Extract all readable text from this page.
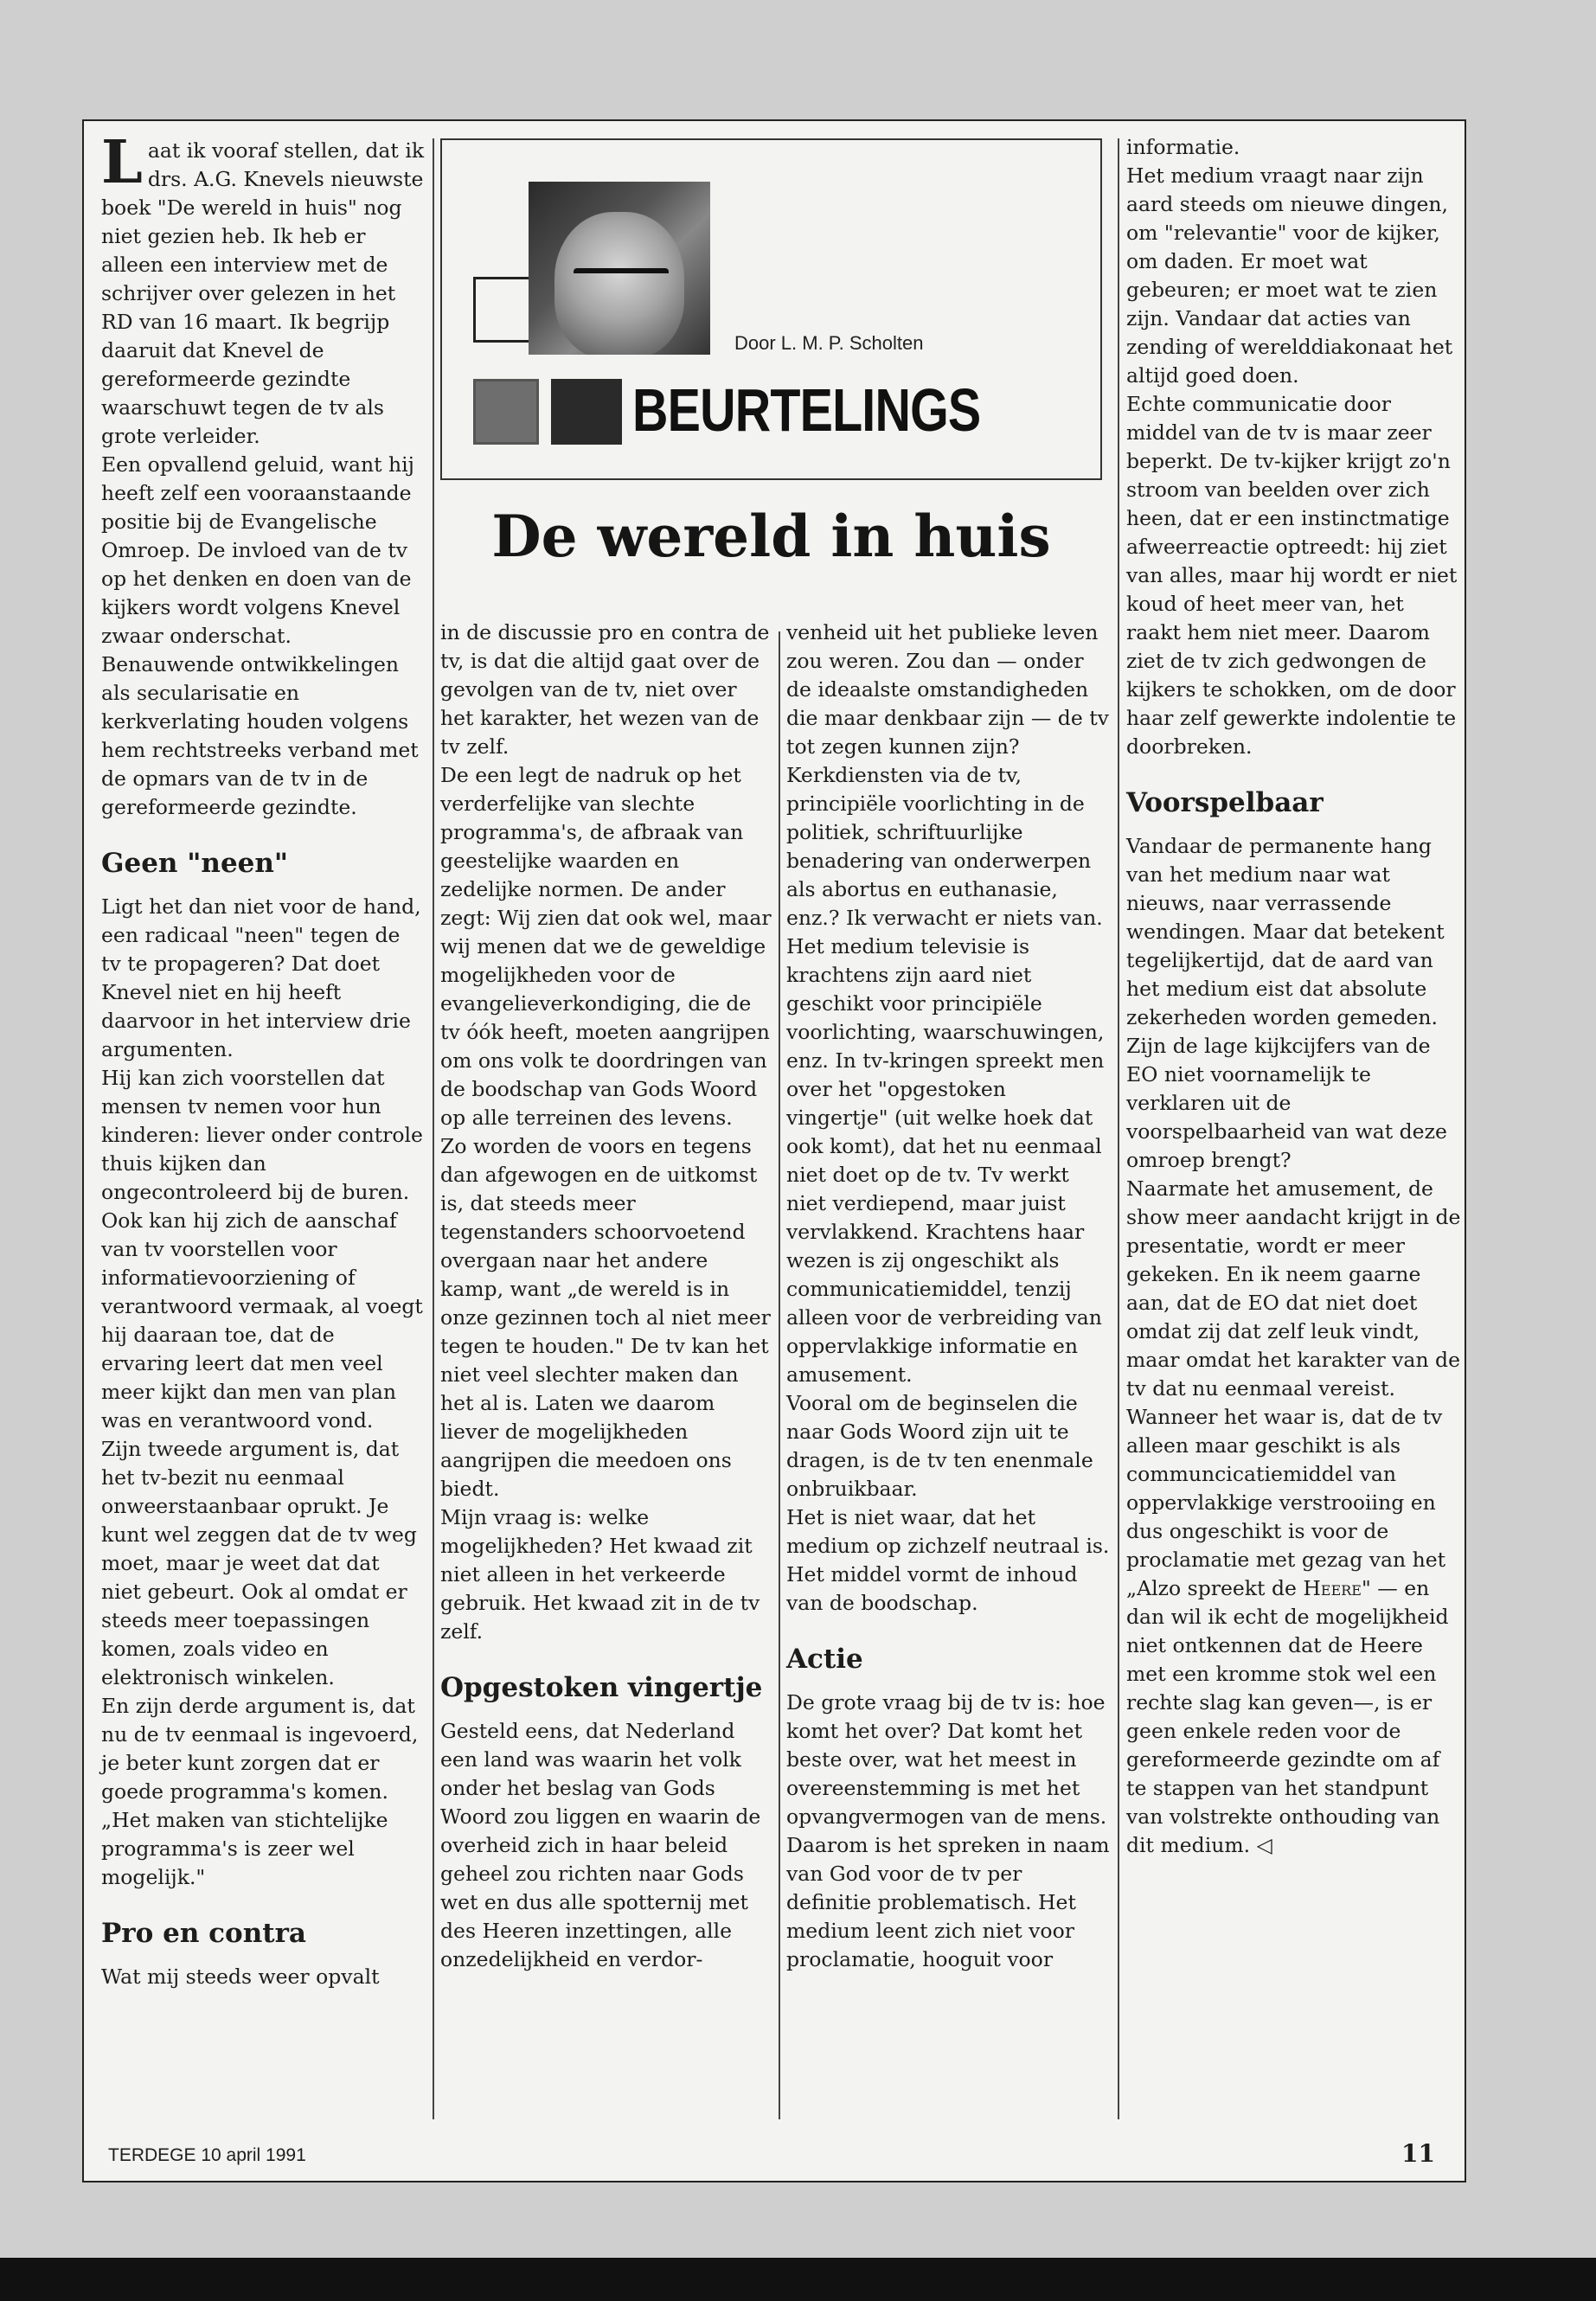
Laat ik vooraf stellen, dat ik drs. A.G. Knevels nieuwste boek "De wereld in huis" nog niet gezien heb. Ik heb er alleen een interview met de schrijver over gelezen in het RD van 16 maart. Ik begrijp daaruit dat Knevel de gereformeerde gezindte waarschuwt tegen de tv als grote verleider.

Een opvallend geluid, want hij heeft zelf een vooraanstaande positie bij de Evangelische Omroep. De invloed van de tv op het denken en doen van de kijkers wordt volgens Knevel zwaar onderschat. Benauwende ontwikkelingen als secularisatie en kerkverlating houden volgens hem rechtstreeks verband met de opmars van de tv in de gereformeerde gezindte.

Geen "neen"

Ligt het dan niet voor de hand, een radicaal "neen" tegen de tv te propageren? Dat doet Knevel niet en hij heeft daarvoor in het interview drie argumenten.

Hij kan zich voorstellen dat mensen tv nemen voor hun kinderen: liever onder controle thuis kijken dan ongecontroleerd bij de buren.

Ook kan hij zich de aanschaf van tv voorstellen voor informatievoorziening of verantwoord vermaak, al voegt hij daaraan toe, dat de ervaring leert dat men veel meer kijkt dan men van plan was en verantwoord vond.

Zijn tweede argument is, dat het tv-bezit nu eenmaal onweerstaanbaar oprukt. Je kunt wel zeggen dat de tv weg moet, maar je weet dat dat niet gebeurt. Ook al omdat er steeds meer toepassingen komen, zoals video en elektronisch winkelen.

En zijn derde argument is, dat nu de tv eenmaal is ingevoerd, je beter kunt zorgen dat er goede programma's komen. „Het maken van stichtelijke programma's is zeer wel mogelijk."

Pro en contra

Wat mij steeds weer opvalt

Door L. M. P. Scholten
BEURTELINGS
De wereld in huis

in de discussie pro en contra de tv, is dat die altijd gaat over de gevolgen van de tv, niet over het karakter, het wezen van de tv zelf.

De een legt de nadruk op het verderfelijke van slechte programma's, de afbraak van geestelijke waarden en zedelijke normen. De ander zegt: Wij zien dat ook wel, maar wij menen dat we de geweldige mogelijkheden voor de evangelieverkondiging, die de tv óók heeft, moeten aangrijpen om ons volk te doordringen van de boodschap van Gods Woord op alle terreinen des levens.

Zo worden de voors en tegens dan afgewogen en de uitkomst is, dat steeds meer tegenstanders schoorvoetend overgaan naar het andere kamp, want „de wereld is in onze gezinnen toch al niet meer tegen te houden." De tv kan het niet veel slechter maken dan het al is. Laten we daarom liever de mogelijkheden aangrijpen die meedoen ons biedt.

Mijn vraag is: welke mogelijkheden? Het kwaad zit niet alleen in het verkeerde gebruik. Het kwaad zit in de tv zelf.

Opgestoken vingertje

Gesteld eens, dat Nederland een land was waarin het volk onder het beslag van Gods Woord zou liggen en waarin de overheid zich in haar beleid geheel zou richten naar Gods wet en dus alle spotternij met des Heeren inzettingen, alle onzedelijkheid en verdor-

venheid uit het publieke leven zou weren. Zou dan — onder de ideaalste omstandigheden die maar denkbaar zijn — de tv tot zegen kunnen zijn? Kerkdiensten via de tv, principiële voorlichting in de politiek, schriftuurlijke benadering van onderwerpen als abortus en euthanasie, enz.? Ik verwacht er niets van.

Het medium televisie is krachtens zijn aard niet geschikt voor principiële voorlichting, waarschuwingen, enz. In tv-kringen spreekt men over het "opgestoken vingertje" (uit welke hoek dat ook komt), dat het nu eenmaal niet doet op de tv. Tv werkt niet verdiepend, maar juist vervlakkend. Krachtens haar wezen is zij ongeschikt als communicatiemiddel, tenzij alleen voor de verbreiding van oppervlakkige informatie en amusement.

Vooral om de beginselen die naar Gods Woord zijn uit te dragen, is de tv ten enenmale onbruikbaar.

Het is niet waar, dat het medium op zichzelf neutraal is. Het middel vormt de inhoud van de boodschap.

Actie

De grote vraag bij de tv is: hoe komt het over? Dat komt het beste over, wat het meest in overeenstemming is met het opvangvermogen van de mens. Daarom is het spreken in naam van God voor de tv per definitie problematisch. Het medium leent zich niet voor proclamatie, hooguit voor

informatie.

Het medium vraagt naar zijn aard steeds om nieuwe dingen, om "relevantie" voor de kijker, om daden. Er moet wat gebeuren; er moet wat te zien zijn. Vandaar dat acties van zending of werelddiakonaat het altijd goed doen.

Echte communicatie door middel van de tv is maar zeer beperkt. De tv-kijker krijgt zo'n stroom van beelden over zich heen, dat er een instinctmatige afweerreactie optreedt: hij ziet van alles, maar hij wordt er niet koud of heet meer van, het raakt hem niet meer. Daarom ziet de tv zich gedwongen de kijkers te schokken, om de door haar zelf gewerkte indolentie te doorbreken.

Voorspelbaar

Vandaar de permanente hang van het medium naar wat nieuws, naar verrassende wendingen. Maar dat betekent tegelijkertijd, dat de aard van het medium eist dat absolute zekerheden worden gemeden.

Zijn de lage kijkcijfers van de EO niet voornamelijk te verklaren uit de voorspelbaarheid van wat deze omroep brengt?

Naarmate het amusement, de show meer aandacht krijgt in de presentatie, wordt er meer gekeken. En ik neem gaarne aan, dat de EO dat niet doet omdat zij dat zelf leuk vindt, maar omdat het karakter van de tv dat nu eenmaal vereist.

Wanneer het waar is, dat de tv alleen maar geschikt is als communcicatiemiddel van oppervlakkige verstrooiing en dus ongeschikt is voor de proclamatie met gezag van het „Alzo spreekt de Heere" — en dan wil ik echt de mogelijkheid niet ontkennen dat de Heere met een kromme stok wel een rechte slag kan geven—, is er geen enkele reden voor de gereformeerde gezindte om af te stappen van het standpunt van volstrekte onthouding van dit medium. ◁

TERDEGE 10 april 1991	11
